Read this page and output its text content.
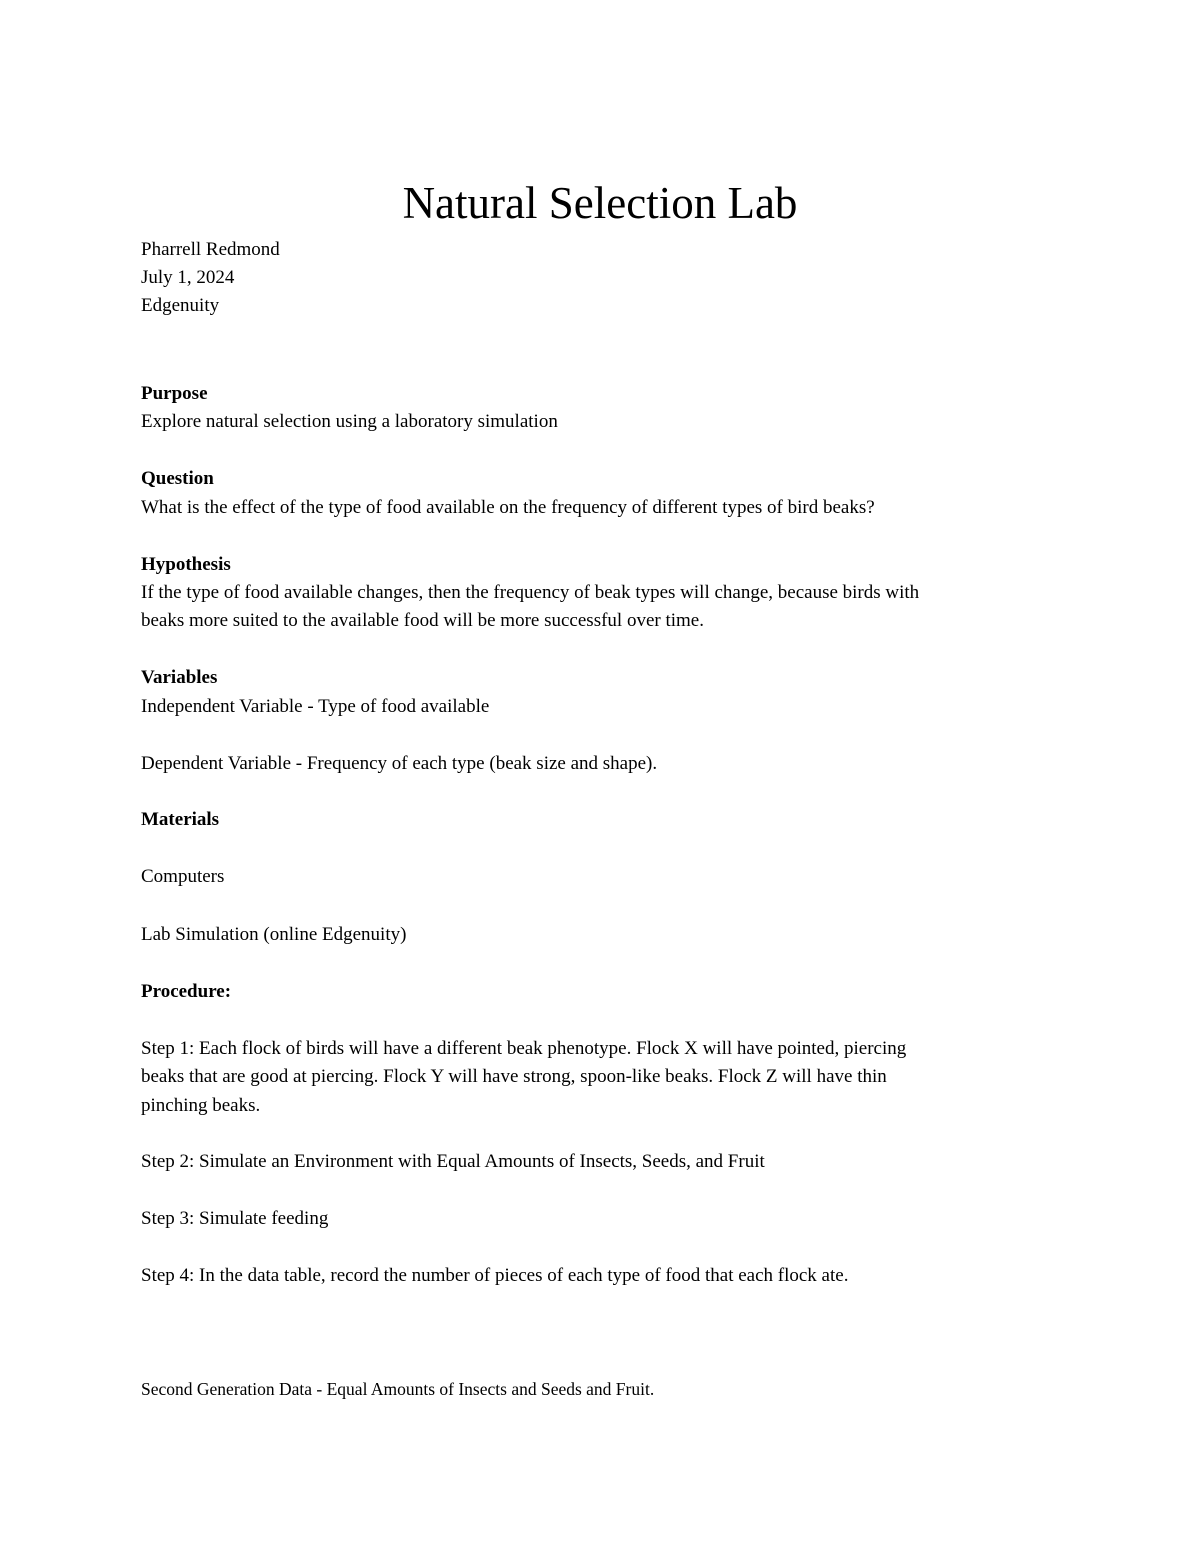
Natural Selection Lab
Pharrell Redmond
July 1, 2024
Edgenuity
Purpose
Explore natural selection using a laboratory simulation
Question
What is the effect of the type of food available on the frequency of different types of bird beaks?
Hypothesis
If the type of food available changes, then the frequency of beak types will change, because birds with
beaks more suited to the available food will be more successful over time.
Variables
Independent Variable - Type of food available
Dependent Variable - Frequency of each type (beak size and shape).
Materials
Computers
Lab Simulation (online Edgenuity)
Procedure:
Step 1: Each flock of birds will have a different beak phenotype. Flock X will have pointed, piercing
beaks that are good at piercing. Flock Y will have strong, spoon-like beaks. Flock Z will have thin
pinching beaks.
Step 2: Simulate an Environment with Equal Amounts of Insects, Seeds, and Fruit
Step 3: Simulate feeding
Step 4: In the data table, record the number of pieces of each type of food that each flock ate.
Second Generation Data - Equal Amounts of Insects and Seeds and Fruit.
